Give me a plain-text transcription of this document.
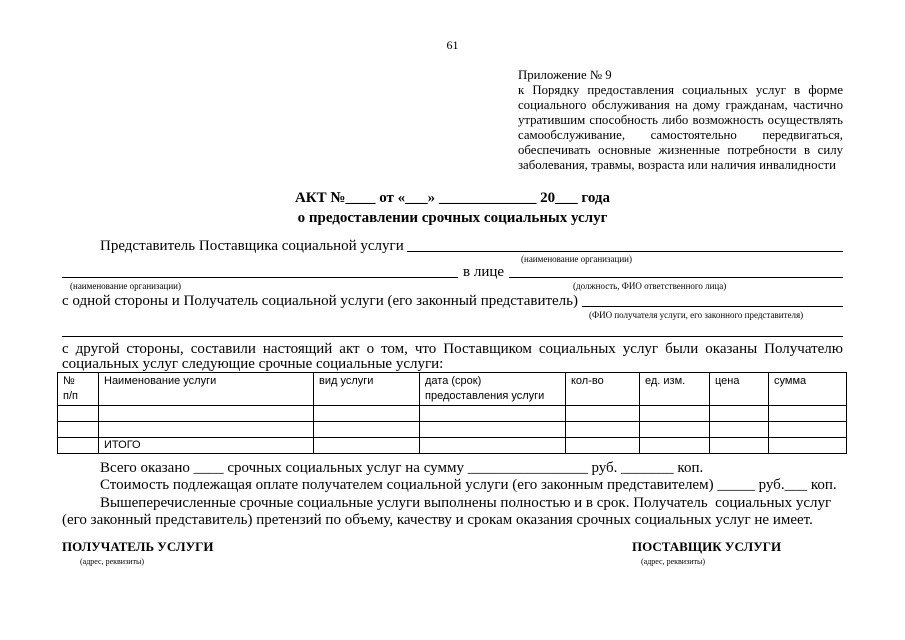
61
Приложение № 9
к Порядку предоставления социальных услуг в форме
социального обслуживания на дому гражданам, частично
утратившим способность либо возможность осуществлять
самообслуживание, самостоятельно передвигаться,
обеспечивать основные жизненные потребности в силу
заболевания, травмы, возраста или наличия инвалидности
АКТ №____ от «___» _____________ 20___ года
о предоставлении срочных социальных услуг
Представитель Поставщика социальной услуги
(наименование организации)
в лице
(наименование организации)	(должность, ФИО ответственного лица)
с одной стороны и Получатель социальной услуги (его законный представитель)
(ФИО получателя услуги, его законного представителя)
с другой стороны, составили настоящий акт о том, что Поставщиком социальных услуг были оказаны Получателю
социальных услуг следующие срочные социальные услуги:
№
п/п	Наименование услуги	вид услуги	дата (срок)
предоставления услуги	кол-во	ед. изм.	цена	сумма

	ИТОГО						
Всего оказано ____ срочных социальных услуг на сумму ________________ руб. _______ коп.
Стоимость подлежащая оплате получателем социальной услуги (его законным представителем) _____ руб.___ коп.
Вышеперечисленные срочные социальные услуги выполнены полностью и в срок. Получатель  социальных услуг
(его законный представитель) претензий по объему, качеству и срокам оказания срочных социальных услуг не имеет.
ПОЛУЧАТЕЛЬ УСЛУГИ
(адрес, реквизиты)
ПОСТАВЩИК УСЛУГИ
(адрес, реквизиты)
